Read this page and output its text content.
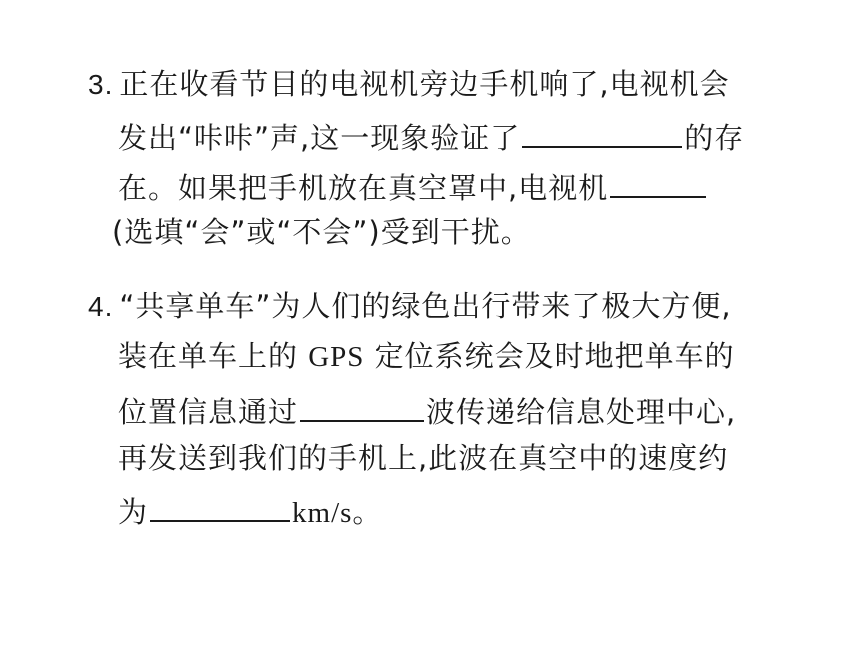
3. 正在收看节目的电视机旁边手机响了,电视机会
发出“咔咔”声,这一现象验证了	的存
在。如果把手机放在真空罩中,电视机
(选填“会”或“不会”)受到干扰。
4. “共享单车”为人们的绿色出行带来了极大方便,
装在单车上的 GPS 定位系统会及时地把单车的
位置信息通过	波传递给信息处理中心,
再发送到我们的手机上,此波在真空中的速度约
为	km/s。
